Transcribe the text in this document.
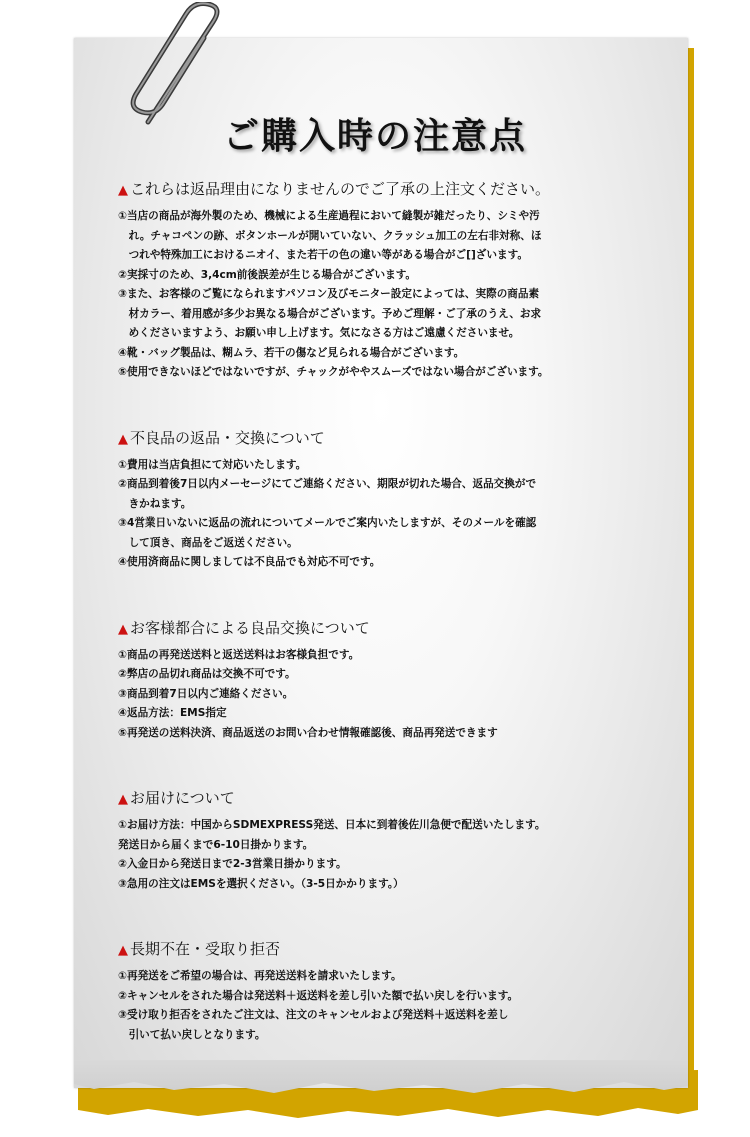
ご購入時の注意点
▲ これらは返品理由になりませんのでご了承の上注文ください。
①当店の商品が海外製のため、機械による生産過程において縫製が雑だったり、シミや汚
　れ。チャコペンの跡、ボタンホールが開いていない、クラッシュ加工の左右非対称、ほ
　つれや特殊加工におけるニオイ、また若干の色の違い等がある場合がご[]ざいます。
②実採寸のため、3,4cm前後誤差が生じる場合がございます。
③また、お客様のご覧になられますパソコン及びモニター設定によっては、実際の商品素
　材カラー、着用感が多少お異なる場合がございます。予めご理解・ご了承のうえ、お求
　めくださいますよう、お願い申し上げます。気になさる方はご遠慮くださいませ。
④靴・バッグ製品は、糊ムラ、若干の傷など見られる場合がございます。
⑤使用できないほどではないですが、チャックがややスムーズではない場合がございます。
▲ 不良品の返品・交換について
①費用は当店負担にて対応いたします。
②商品到着後7日以内メーセージにてご連絡ください、期限が切れた場合、返品交換がで
　きかねます。
③4営業日いないに返品の流れについてメールでご案内いたしますが、そのメールを確認
　して頂き、商品をご返送ください。
④使用済商品に関しましては不良品でも対応不可です。
▲ お客様都合による良品交換について
①商品の再発送送料と返送送料はお客様負担です。
②弊店の品切れ商品は交換不可です。
③商品到着7日以内ご連絡ください。
④返品方法：EMS指定
⑤再発送の送料決済、商品返送のお問い合わせ情報確認後、商品再発送できます
▲ お届けについて
①お届け方法：中国からSDMEXPRESS発送、日本に到着後佐川急便で配送いたします。
発送日から届くまで6-10日掛かります。
②入金日から発送日まで2-3営業日掛かります。
③急用の注文はEMSを選択ください。（3-5日かかります。）
▲ 長期不在・受取り拒否
①再発送をご希望の場合は、再発送送料を請求いたします。
②キャンセルをされた場合は発送料＋返送料を差し引いた額で払い戻しを行います。
③受け取り拒否をされたご注文は、注文のキャンセルおよび発送料＋返送料を差し
　引いて払い戻しとなります。
